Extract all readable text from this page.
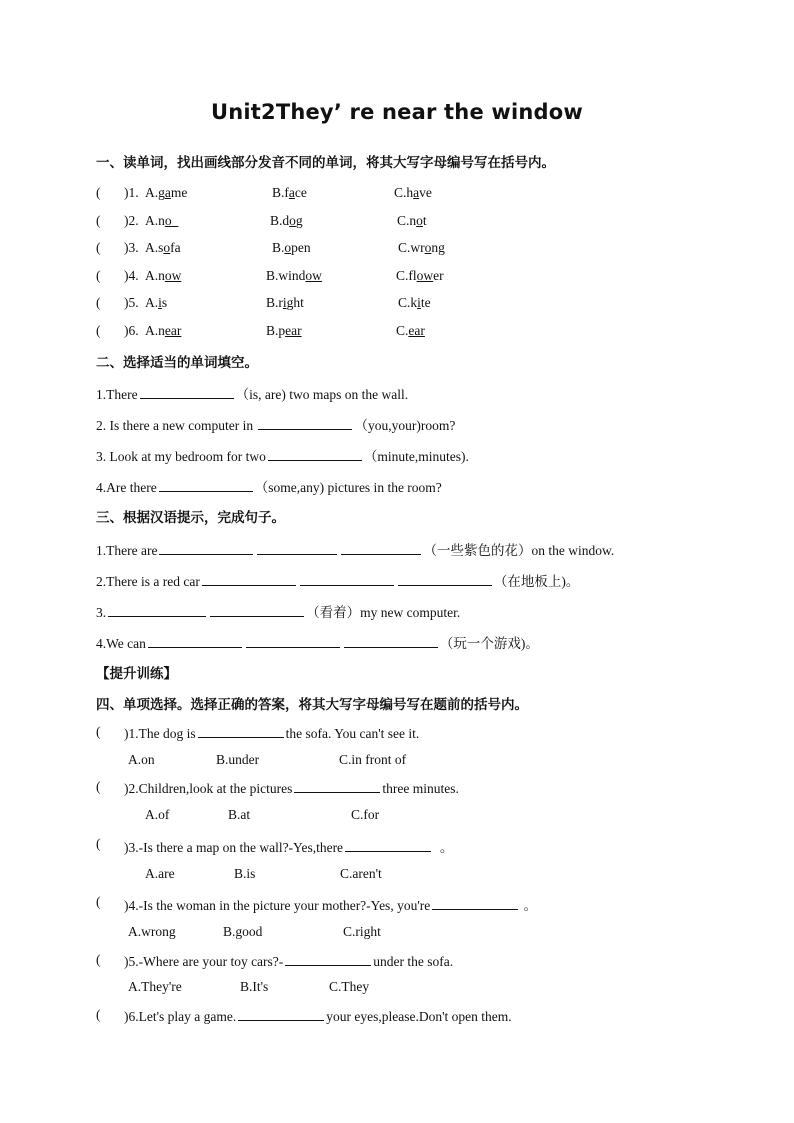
Unit2They’ re near the window
一、读单词，找出画线部分发音不同的单词，将其大写字母编号写在括号内。
( )1. A.game	B.face	C.have
( )2. A.no	B.dog	C.not
( )3. A.sofa	B.open	C.wrong
( )4. A.now	B.window	C.flower
( )5. A.is	B.right	C.kite
( )6. A.near	B.pear	C.ear
二、选择适当的单词填空。
1.There	（is, are) two maps on the wall.
2. Is there a new computer in	（you,your)room?
3. Look at my bedroom for two	（minute,minutes).
4.Are there	（some,any) pictures in the room?
三、根据汉语提示，完成句子。
1.There are	（一些紫色的花）on the window.
2.There is a red car	（在地板上)。
3.	（看着）my new computer.
4.We can	（玩一个游戏)。
【提升训练】
四、单项选择。选择正确的答案，将其大写字母编号写在题前的括号内。
( )1.The dog is	the sofa. You can't see it.
A.on	B.under	C.in front of
( )2.Children,look at the pictures	three minutes.
A.of	B.at	C.for
( )3.-Is there a map on the wall?-Yes,there	。
A.are	B.is	C.aren't
( )4.-Is the woman in the picture your mother?-Yes, you're	。
A.wrong	B.good	C.right
( )5.-Where are your toy cars?-	under the sofa.
A.They're	B.It's	C.They
( )6.Let's play a game.	your eyes,please.Don't open them.
